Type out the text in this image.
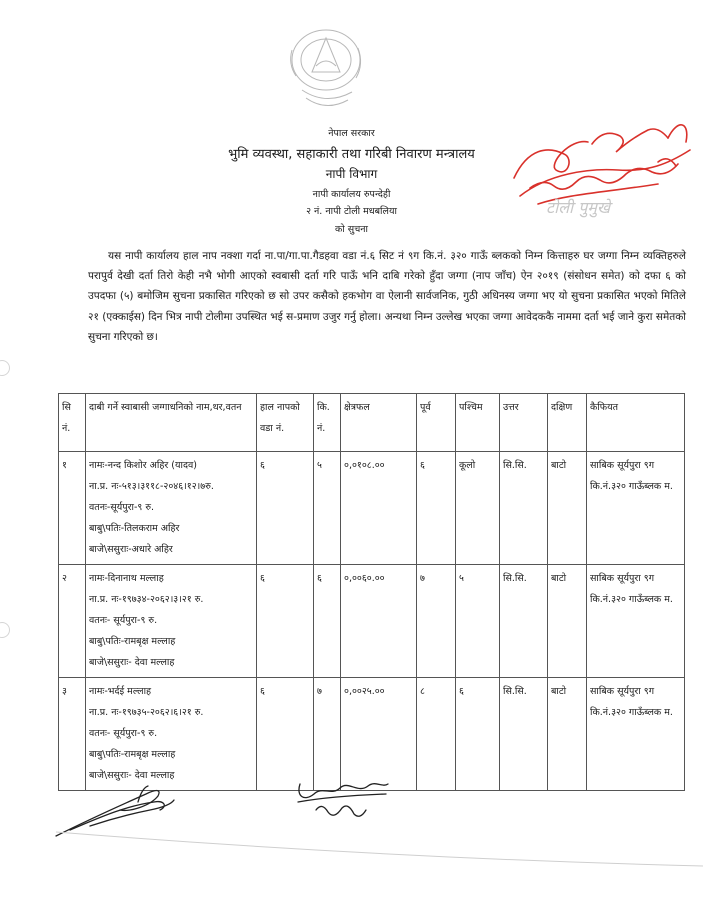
टोली पुमुखे
नेपाल सरकार
भुमि व्यवस्था, सहाकारी तथा गरिबी निवारण मन्त्रालय
नापी विभाग
नापी कार्यालय रुपन्देही
२ नं. नापी टोली मधबलिया
को सुचना
यस नापी कार्यालय हाल नाप नक्शा गर्दा ना.पा/गा.पा.गैडहवा वडा नं.६ सिट नं ९ग कि.नं. ३२० गाऊँ ब्लकको निम्न कित्ताहरु घर जग्गा निम्न व्यक्तिहरुले परापुर्व देखी दर्ता तिरो केही नभै भोगी आएको स्वबासी दर्ता गरि पाऊँ भनि दाबि गरेको हुँदा जग्गा (नाप जाँच) ऐन २०१९ (संसोधन समेत) को दफा ६ को उपदफा (५) बमोजिम सुचना प्रकासित गरिएको छ सो उपर कसैको हकभोग वा ऐलानी सार्वजनिक, गुठी अधिनस्य जग्गा भए यो सुचना प्रकासित भएको मितिले २१ (एक्काईस) दिन भित्र नापी टोलीमा उपस्थित भई स-प्रमाण उजुर गर्नु होला। अन्यथा निम्न उल्लेख भएका जग्गा आवेदककै नाममा दर्ता भई जाने कुरा समेतको सुचना गरिएको छ।
सि नं.	दाबी गर्ने स्वाबासी जग्गाधनिको नाम,थर,वतन	हाल नापको वडा नं.	कि. नं.	क्षेत्रफल	पूर्व	पश्चिम	उत्तर	दक्षिण	कैफियत
१	नामः-नन्द किशोर अहिर (यादव)
ना.प्र. नः-५१३।३११८-२०४६।१२।७रु.
वतनः-सूर्यपुरा-९ रु.
बाबु\पतिः-तिलकराम अहिर
बाजे\ससुराः-अधारे अहिर	६	५	०,०१०८.००	६	कूलो	सि.सि.	बाटो	साबिक सूर्यपुरा ९ग कि.नं.३२० गाऊँब्लक म.
२	नामः-दिनानाथ मल्लाह
ना.प्र. नः-१९७३४-२०६२।३।२१ रु.
वतनः- सूर्यपुरा-९ रु.
बाबु\पतिः-रामबृक्ष मल्लाह
बाजे\ससुराः- देवा मल्लाह	६	६	०,००६०.००	७	५	सि.सि.	बाटो	साबिक सूर्यपुरा ९ग कि.नं.३२० गाऊँब्लक म.
३	नामः-भर्दई मल्लाह
ना.प्र. नः-१९७३५-२०६२।६।२१ रु.
वतनः- सूर्यपुरा-९ रु.
बाबु\पतिः-रामबृक्ष मल्लाह
बाजे\ससुराः- देवा मल्लाह	६	७	०,००२५.००	८	६	सि.सि.	बाटो	साबिक सूर्यपुरा ९ग कि.नं.३२० गाऊँब्लक म.
